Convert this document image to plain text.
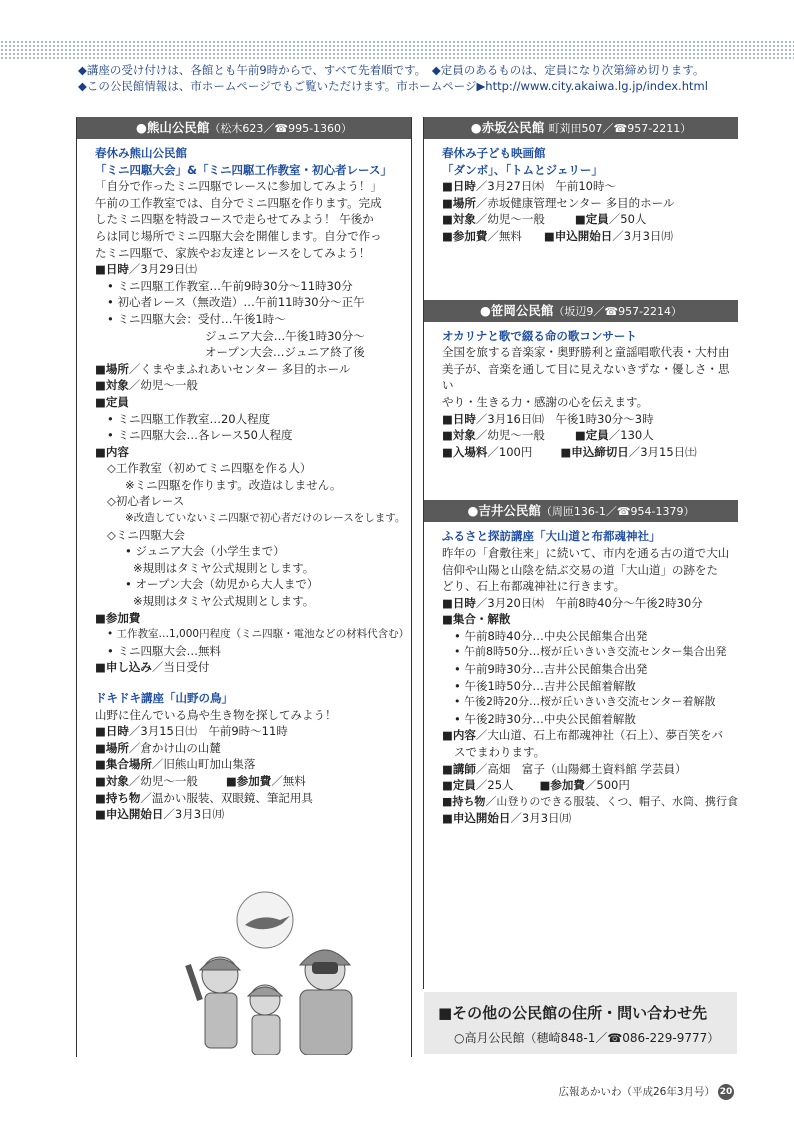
◆講座の受け付けは、各館とも午前9時からで、すべて先着順です。　◆定員のあるものは、定員になり次第締め切ります。
◆この公民館情報は、市ホームページでもご覧いただけます。市ホームページ▶http://www.city.akaiwa.lg.jp/index.html
●熊山公民館（松木623／☎995-1360）
春休み熊山公民館
「ミニ四駆大会」&「ミニ四駆工作教室・初心者レース」
「自分で作ったミニ四駆でレースに参加してみよう！」
午前の工作教室では、自分でミニ四駆を作ります。完成
したミニ四駆を特設コースで走らせてみよう！ 午後か
らは同じ場所でミニ四駆大会を開催します。自分で作っ
たミニ四駆で、家族やお友達とレースをしてみよう！
■日時／3月29日㈯
• ミニ四駆工作教室…午前9時30分～11時30分
• 初心者レース（無改造）…午前11時30分～正午
• ミニ四駆大会：受付…午後1時～
ジュニア大会…午後1時30分～
オープン大会…ジュニア終了後
■場所／くまやまふれあいセンター 多目的ホール
■対象／幼児～一般
■定員
• ミニ四駆工作教室…20人程度
• ミニ四駆大会…各レース50人程度
■内容
◇工作教室（初めてミニ四駆を作る人）
※ミニ四駆を作ります。改造はしません。
◇初心者レース
※改造していないミニ四駆で初心者だけのレースをします。
◇ミニ四駆大会
• ジュニア大会（小学生まで）
※規則はタミヤ公式規則とします。
• オープン大会（幼児から大人まで）
※規則はタミヤ公式規則とします。
■参加費
• 工作教室…1,000円程度（ミニ四駆・電池などの材料代含む）
• ミニ四駆大会…無料
■申し込み／当日受付
ドキドキ講座「山野の鳥」
山野に住んでいる鳥や生き物を探してみよう！
■日時／3月15日㈯　午前9時～11時
■場所／倉かけ山の山麓
■集合場所／旧熊山町加山集落
■対象／幼児～一般 ■参加費／無料
■持ち物／温かい服装、双眼鏡、筆記用具
■申込開始日／3月3日㈪
●赤坂公民館 町苅田507／☎957-2211）
春休み子ども映画館
「ダンボ」、「トムとジェリー」
■日時／3月27日㈭　午前10時～
■場所／赤坂健康管理センター 多目的ホール
■対象／幼児～一般	■定員／50人
■参加費／無料 ■申込開始日／3月3日㈪
●笹岡公民館（坂辺9／☎957-2214）
オカリナと歌で綴る命の歌コンサート
全国を旅する音楽家・奥野勝利と童謡唱歌代表・大村由
美子が、音楽を通して目に見えないきずな・優しさ・思い
やり・生きる力・感謝の心を伝えます。
■日時／3月16日㈰　午後1時30分～3時
■対象／幼児～一般	■定員／130人
■入場料／100円 ■申込締切日／3月15日㈯
●吉井公民館（周匝136-1／☎954-1379）
ふるさと探訪講座「大山道と布都魂神社」
昨年の「倉敷往来」に続いて、市内を通る古の道で大山
信仰や山陽と山陰を結ぶ交易の道「大山道」の跡をた
どり、石上布都魂神社に行きます。
■日時／3月20日㈭　午前8時40分～午後2時30分
■集合・解散
• 午前8時40分…中央公民館集合出発
• 午前8時50分…桜が丘いきいき交流センター集合出発
• 午前9時30分…吉井公民館集合出発
• 午後1時50分…吉井公民館着解散
• 午後2時20分…桜が丘いきいき交流センター着解散
• 午後2時30分…中央公民館着解散
■内容／大山道、石上布都魂神社（石上）、夢百笑をバ
スでまわります。
■講師／高畑　富子（山陽郷土資料館 学芸員）
■定員／25人 ■参加費／500円
■持ち物／山登りのできる服装、くつ、帽子、水筒、携行食
■申込開始日／3月3日㈪
■その他の公民館の住所・問い合わせ先
○高月公民館（穂崎848-1／☎086-229-9777）
広報あかいわ（平成26年3月号） 20
